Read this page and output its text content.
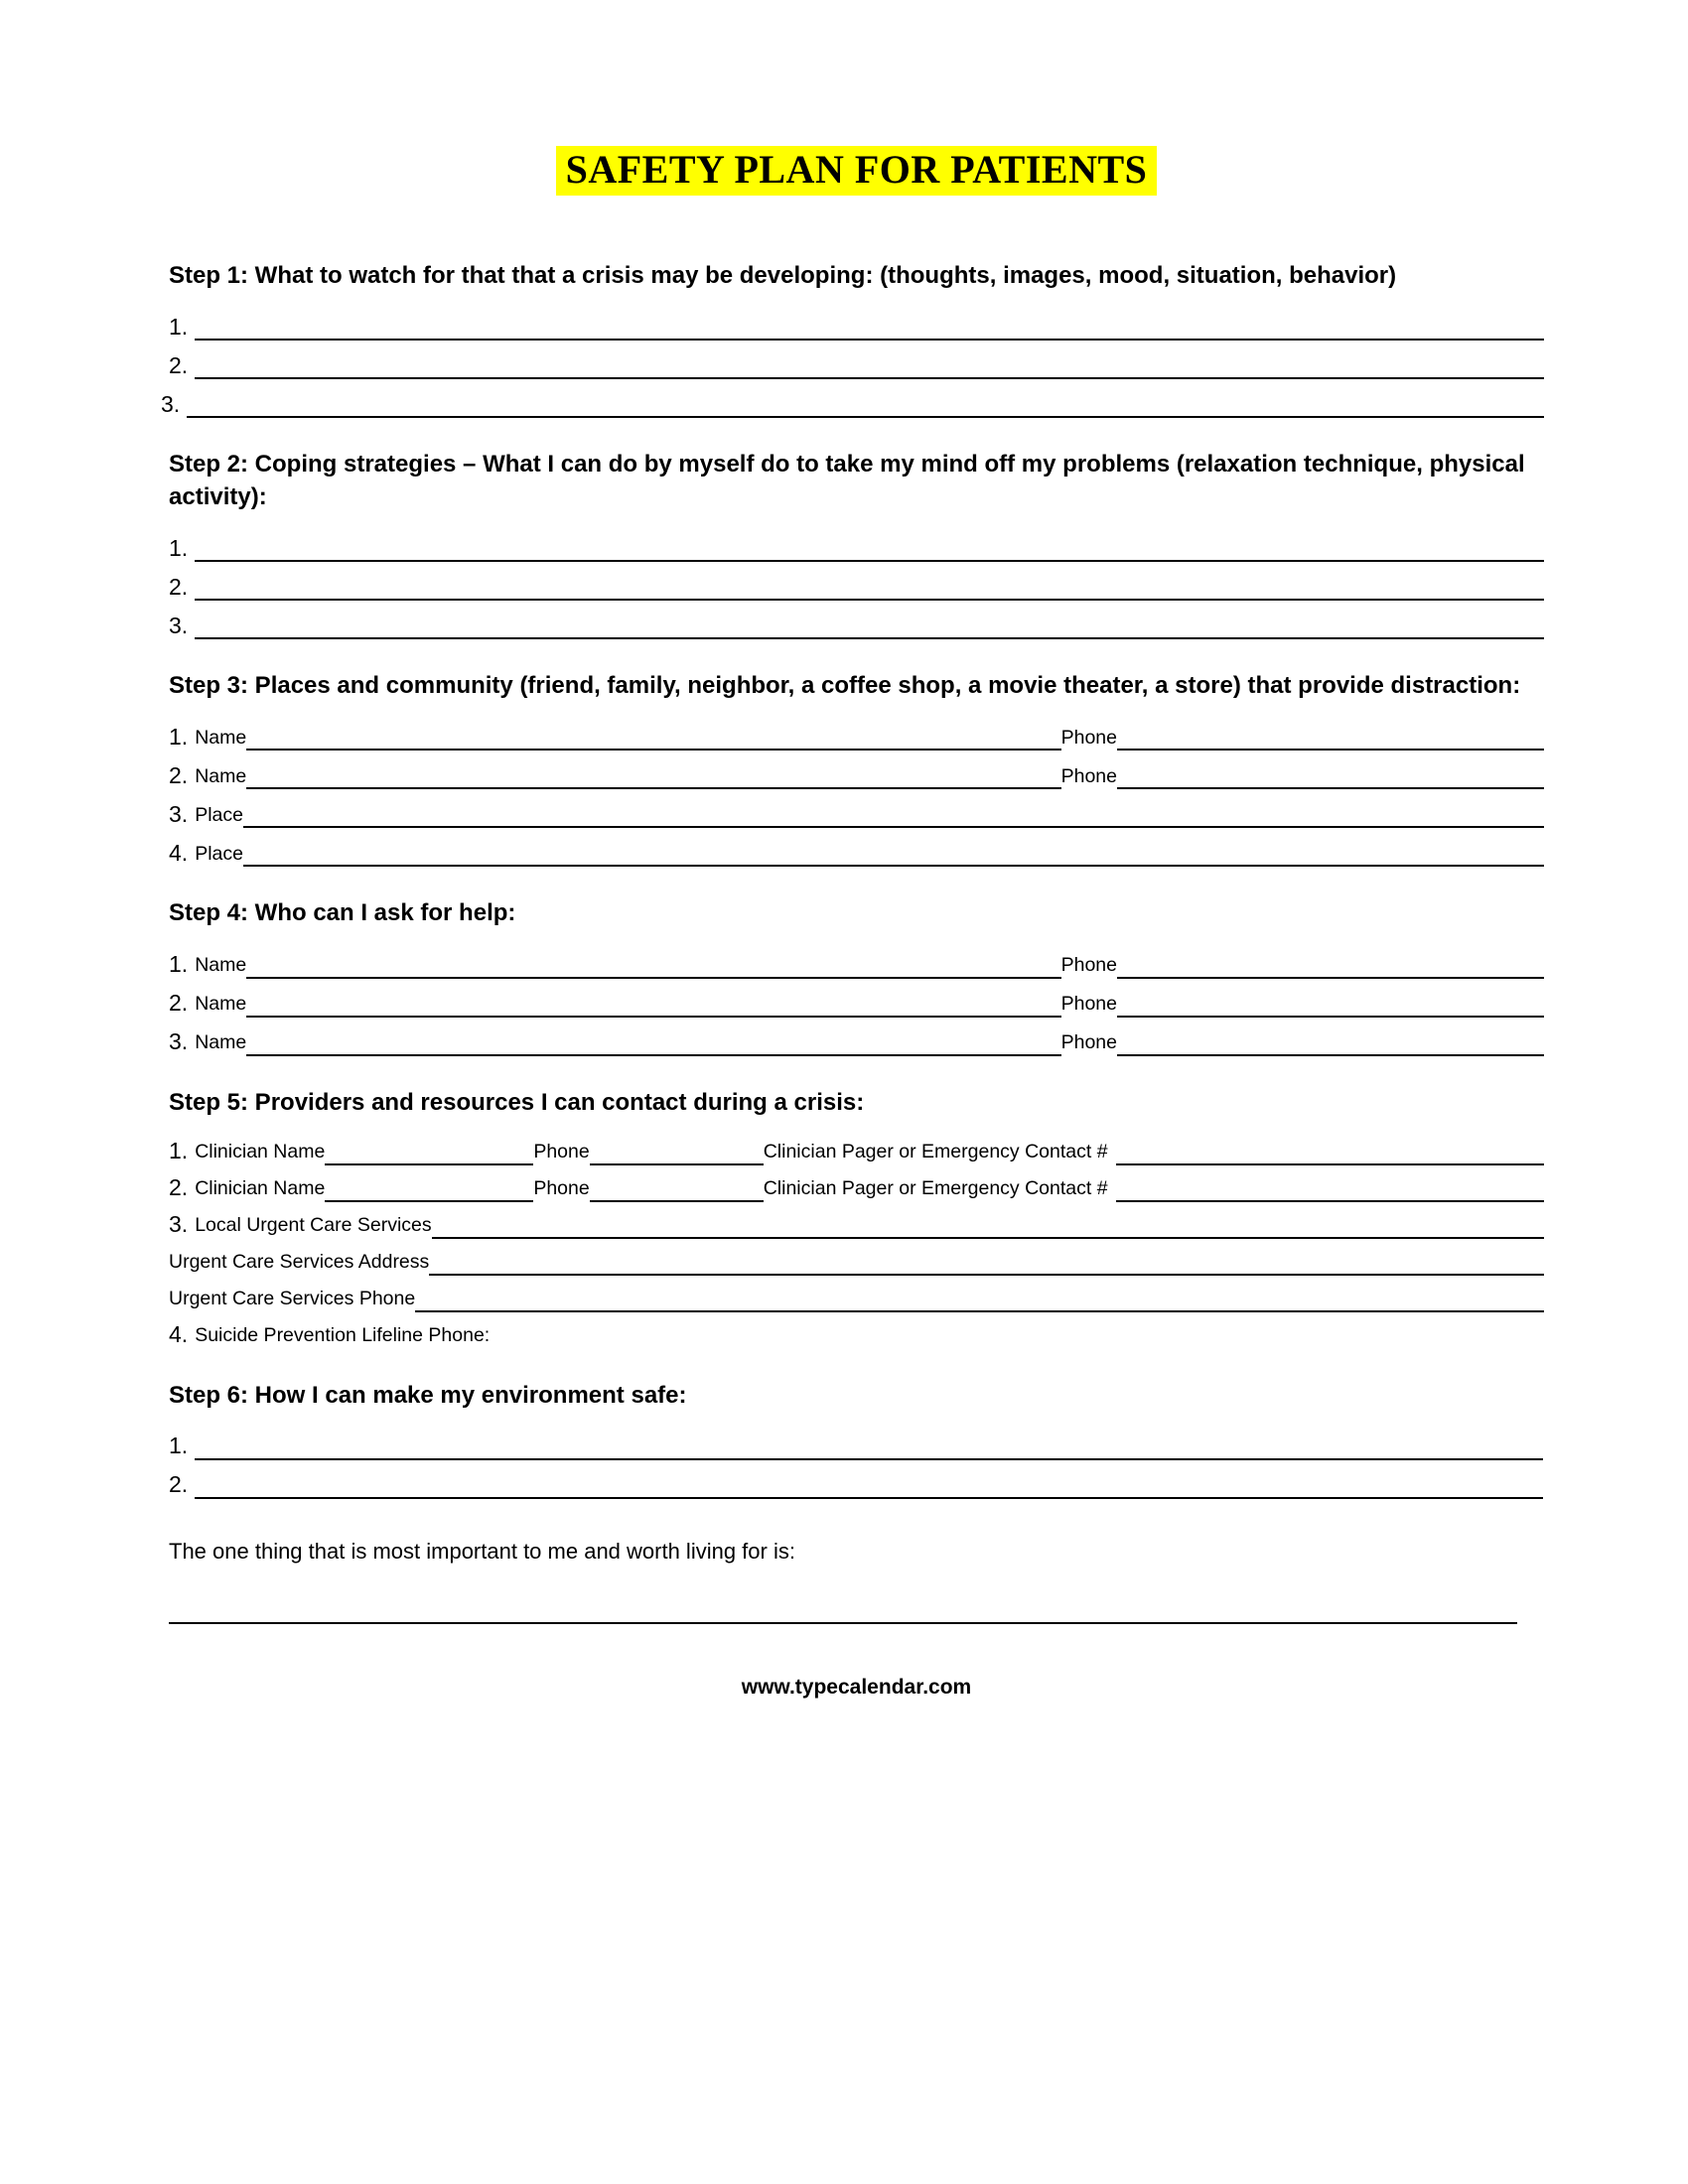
SAFETY PLAN FOR PATIENTS
Step 1: What to watch for that that a crisis may be developing: (thoughts, images, mood, situation, behavior)
1.
2.
3.
Step 2: Coping strategies – What I can do by myself do to take my mind off my problems (relaxation technique, physical activity):
1.
2.
3.
Step 3: Places and community (friend, family, neighbor, a coffee shop, a movie theater, a store) that provide distraction:
1. Name	Phone
2. Name	Phone
3. Place
4. Place
Step 4: Who can I ask for help:
1. Name	Phone
2. Name	Phone
3. Name	Phone
Step 5: Providers and resources I can contact during a crisis:
1. Clinician Name	Phone	Clinician Pager or Emergency Contact #
2. Clinician Name	Phone	Clinician Pager or Emergency Contact #
3. Local Urgent Care Services
Urgent Care Services Address
Urgent Care Services Phone
4. Suicide Prevention Lifeline Phone:
Step 6: How I can make my environment safe:
1.
2.
The one thing that is most important to me and worth living for is:
www.typecalendar.com
